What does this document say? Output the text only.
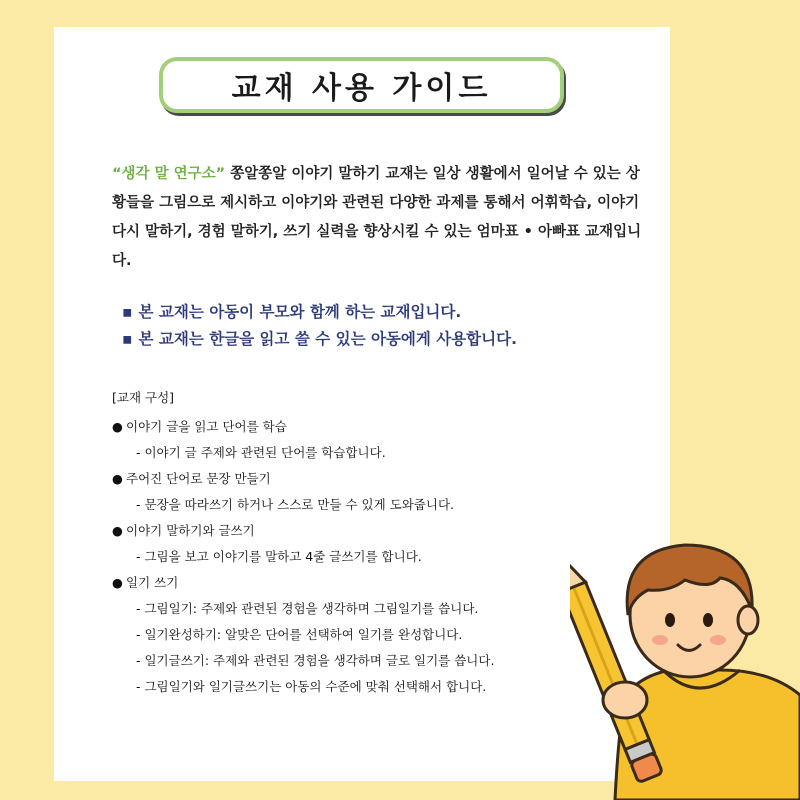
교재 사용 가이드
“생각 말 연구소” 쫑알쫑알 이야기 말하기 교재는 일상 생활에서 일어날 수 있는 상황들을 그림으로 제시하고 이야기와 관련된 다양한 과제를 통해서 어휘학습, 이야기 다시 말하기, 경험 말하기, 쓰기 실력을 향상시킬 수 있는 엄마표 • 아빠표 교재입니다.
▪ 본 교재는 아동이 부모와 함께 하는 교재입니다.
▪ 본 교재는 한글을 읽고 쓸 수 있는 아동에게 사용합니다.
[교재 구성]
● 이야기 글을 읽고 단어를 학습
- 이야기 글 주제와 관련된 단어를 학습합니다.
● 주어진 단어로 문장 만들기
- 문장을 따라쓰기 하거나 스스로 만들 수 있게 도와줍니다.
● 이야기 말하기와 글쓰기
- 그림을 보고 이야기를 말하고 4줄 글쓰기를 합니다.
● 일기 쓰기
- 그림일기: 주제와 관련된 경험을 생각하며 그림일기를 씁니다.
- 일기완성하기: 알맞은 단어를 선택하여 일기를 완성합니다.
- 일기글쓰기: 주제와 관련된 경험을 생각하며 글로 일기를 씁니다.
- 그림일기와 일기글쓰기는 아동의 수준에 맞춰 선택해서 합니다.
